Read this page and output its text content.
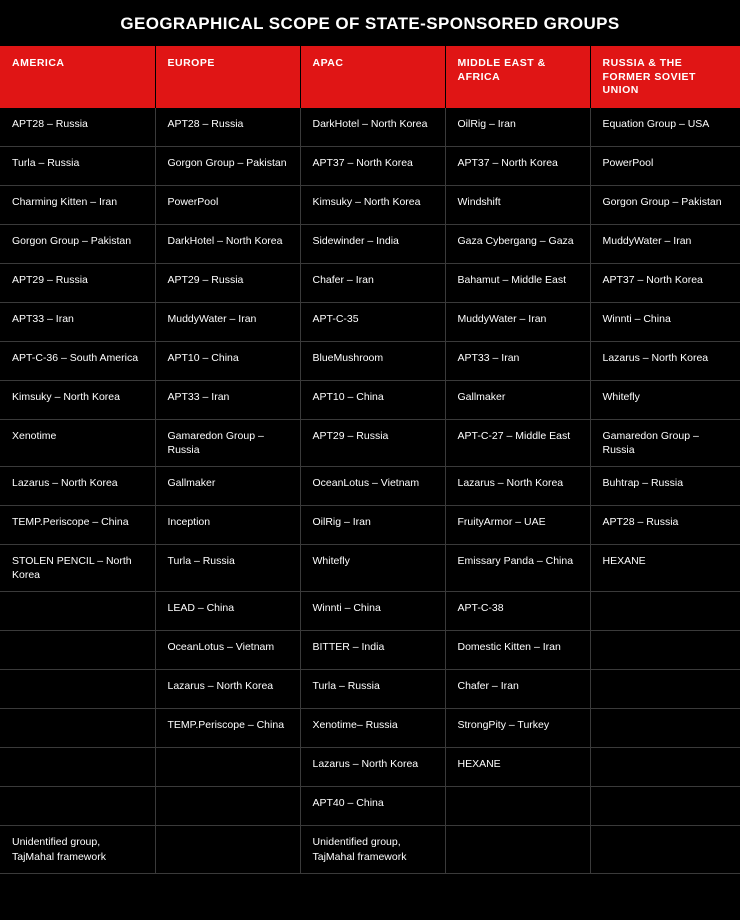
GEOGRAPHICAL SCOPE OF STATE-SPONSORED GROUPS
AMERICA	EUROPE	APAC	MIDDLE EAST & AFRICA	RUSSIA & THE FORMER SOVIET UNION
APT28 – Russia	APT28 – Russia	DarkHotel – North Korea	OilRig – Iran	Equation Group – USA
Turla – Russia	Gorgon Group – Pakistan	APT37 – North Korea	APT37 – North Korea	PowerPool
Charming Kitten – Iran	PowerPool	Kimsuky – North Korea	Windshift	Gorgon Group – Pakistan
Gorgon Group – Pakistan	DarkHotel – North Korea	Sidewinder – India	Gaza Cybergang – Gaza	MuddyWater – Iran
APT29 – Russia	APT29 – Russia	Chafer – Iran	Bahamut – Middle East	APT37 – North Korea
APT33 – Iran	MuddyWater – Iran	APT-C-35	MuddyWater – Iran	Winnti – China
APT-C-36 – South America	APT10 – China	BlueMushroom	APT33 – Iran	Lazarus – North Korea
Kimsuky – North Korea	APT33 – Iran	APT10 – China	Gallmaker	Whitefly
Xenotime	Gamaredon Group – Russia	APT29 – Russia	APT-C-27 – Middle East	Gamaredon Group – Russia
Lazarus – North Korea	Gallmaker	OceanLotus – Vietnam	Lazarus – North Korea	Buhtrap – Russia
TEMP.Periscope – China	Inception	OilRig – Iran	FruityArmor – UAE	APT28 – Russia
STOLEN PENCIL – North Korea	Turla – Russia	Whitefly	Emissary Panda – China	HEXANE
	LEAD – China	Winnti – China	APT-C-38	
	OceanLotus – Vietnam	BITTER – India	Domestic Kitten – Iran	
	Lazarus – North Korea	Turla – Russia	Chafer – Iran	
	TEMP.Periscope – China	Xenotime– Russia	StrongPity – Turkey	
		Lazarus – North Korea	HEXANE	
		APT40 – China		
Unidentified group, TajMahal framework		Unidentified group, TajMahal framework		
